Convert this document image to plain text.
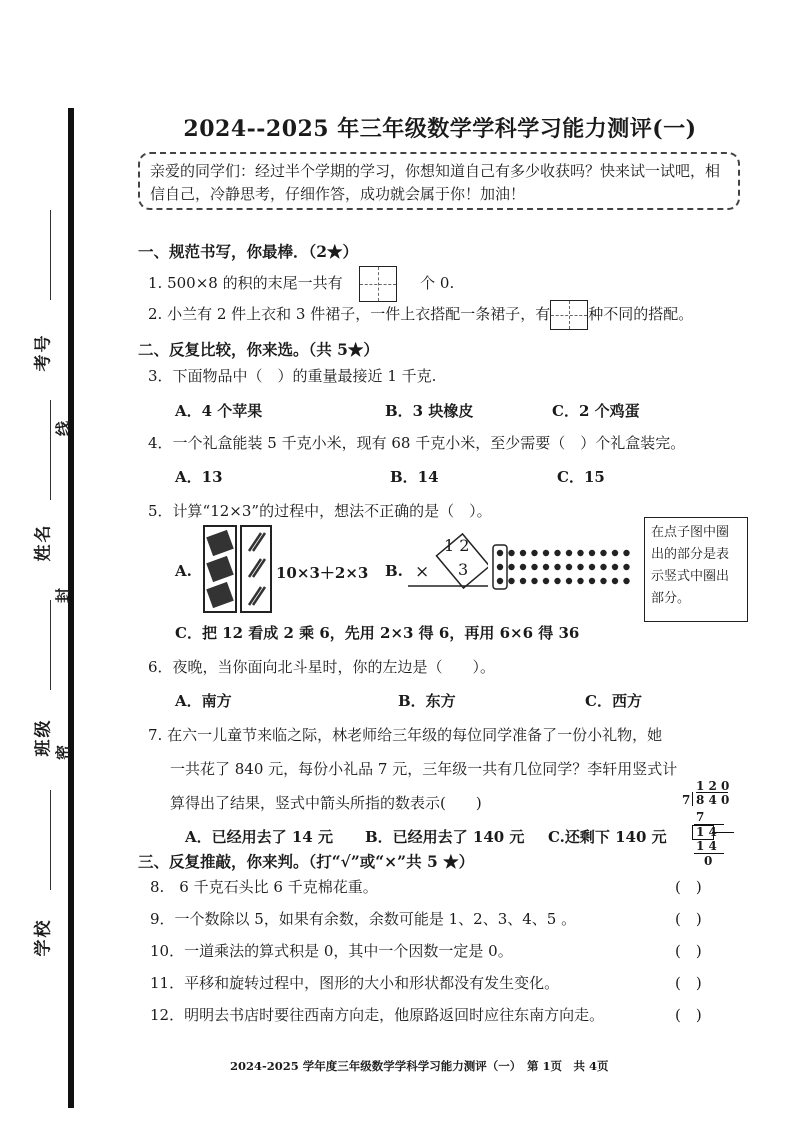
考号
姓名
班级
学校
线
封
密
2024--2025 年三年级数学学科学习能力测评(一)
亲爱的同学们：经过半个学期的学习，你想知道自己有多少收获吗？快来试一试吧，相信自己，冷静思考，仔细作答，成功就会属于你！加油！
一、规范书写，你最棒．（2★）
1. 500×8 的积的末尾一共有	个 0.
2. 小兰有 2 件上衣和 3 件裙子，一件上衣搭配一条裙子，有	种不同的搭配。
二、反复比较，你来选。（共 5★）
3．下面物品中（　）的重量最接近 1 千克.
A．4 个苹果	B．3 块橡皮	C．2 个鸡蛋
4．一个礼盒能装 5 千克小米，现有 68 千克小米，至少需要（　）个礼盒装完。
A．13	B．14	C．15
5．计算“12×3”的过程中，想法不正确的是（　）。
A.	10×3＋2×3 B.
1 2
3
×
在点子图中圈出的部分是表示竖式中圈出部分。
C．把 12 看成 2 乘 6，先用 2×3 得 6，再用 6×6 得 36
6．夜晚，当你面向北斗星时，你的左边是（　　）。
A．南方	B．东方	C．西方
7. 在六一儿童节来临之际，林老师给三年级的每位同学准备了一份小礼物，她
一共花了 840 元，每份小礼品 7 元，三年级一共有几位同学？李轩用竖式计
算得出了结果，竖式中箭头所指的数表示(　　)
A．已经用去了 14 元 B．已经用去了 140 元 C.还剩下 140 元
1 2 0
7 8 4 0
7
1 4
1 4
0
三、反复推敲，你来判。（打“√”或“×”共 5 ★）
8.　6 千克石头比 6 千克棉花重。	(　)
9．一个数除以 5，如果有余数，余数可能是 1、2、3、4、5 。	(　)
10．一道乘法的算式积是 0，其中一个因数一定是 0。	(　)
11．平移和旋转过程中，图形的大小和形状都没有发生变化。	(　)
12．明明去书店时要往西南方向走，他原路返回时应往东南方向走。	(　)
2024-2025 学年度三年级数学学科学习能力测评（一）　第 1页　共 4页
